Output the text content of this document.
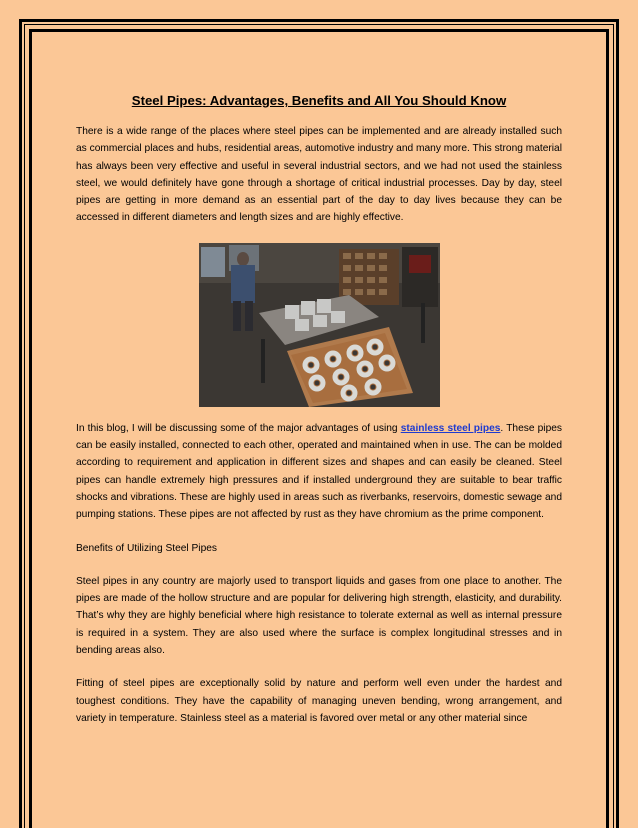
Steel Pipes: Advantages, Benefits and All You Should Know

There is a wide range of the places where steel pipes can be implemented and are already installed such as commercial places and hubs, residential areas, automotive industry and many more. This strong material has always been very effective and useful in several industrial sectors, and we had not used the stainless steel, we would definitely have gone through a shortage of critical industrial processes. Day by day, steel pipes are getting in more demand as an essential part of the day to day lives because they can be accessed in different diameters and length sizes and are highly effective.

In this blog, I will be discussing some of the major advantages of using stainless steel pipes. These pipes can be easily installed, connected to each other, operated and maintained when in use. The can be molded according to requirement and application in different sizes and shapes and can easily be cleaned. Steel pipes can handle extremely high pressures and if installed underground they are suitable to bear traffic shocks and vibrations. These are highly used in areas such as riverbanks, reservoirs, domestic sewage and pumping stations. These pipes are not affected by rust as they have chromium as the prime component.

Benefits of Utilizing Steel Pipes

Steel pipes in any country are majorly used to transport liquids and gases from one place to another. The pipes are made of the hollow structure and are popular for delivering high strength, elasticity, and durability. That’s why they are highly beneficial where high resistance to tolerate external as well as internal pressure is required in a system. They are also used where the surface is complex longitudinal stresses and in bending areas also.

Fitting of steel pipes are exceptionally solid by nature and perform well even under the hardest and toughest conditions. They have the capability of managing uneven bending, wrong arrangement, and variety in temperature. Stainless steel as a material is favored over metal or any other material since
